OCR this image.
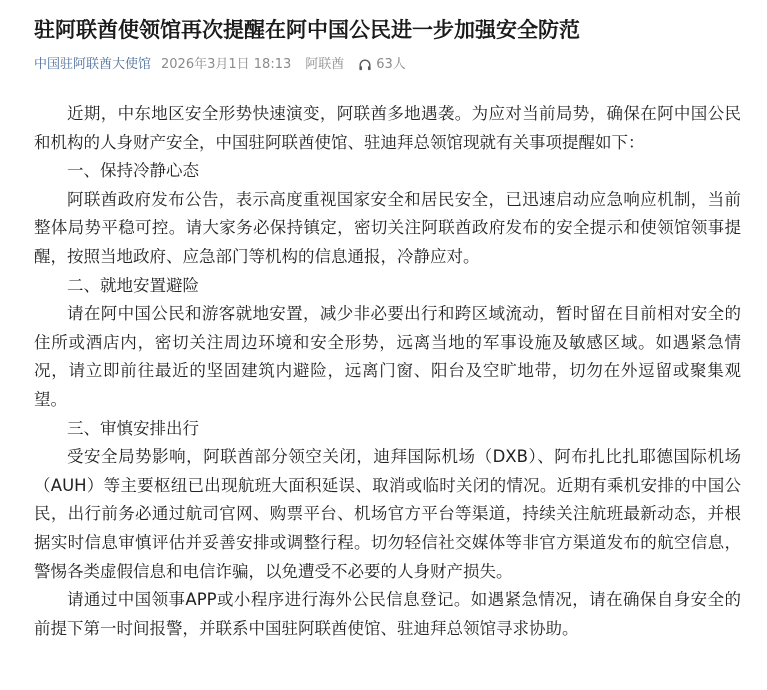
驻阿联酋使领馆再次提醒在阿中国公民进一步加强安全防范
中国驻阿联酋大使馆 2026年3月1日 18:13 阿联酋 63人

近期，中东地区安全形势快速演变，阿联酋多地遇袭。为应对当前局势，确保在阿中国公民和机构的人身财产安全，中国驻阿联酋使馆、驻迪拜总领馆现就有关事项提醒如下：

一、保持冷静心态

阿联酋政府发布公告，表示高度重视国家安全和居民安全，已迅速启动应急响应机制，当前整体局势平稳可控。请大家务必保持镇定，密切关注阿联酋政府发布的安全提示和使领馆领事提醒，按照当地政府、应急部门等机构的信息通报，冷静应对。

二、就地安置避险

请在阿中国公民和游客就地安置，减少非必要出行和跨区域流动，暂时留在目前相对安全的住所或酒店内，密切关注周边环境和安全形势，远离当地的军事设施及敏感区域。如遇紧急情况，请立即前往最近的坚固建筑内避险，远离门窗、阳台及空旷地带，切勿在外逗留或聚集观望。

三、审慎安排出行

受安全局势影响，阿联酋部分领空关闭，迪拜国际机场（DXB）、阿布扎比扎耶德国际机场（AUH）等主要枢纽已出现航班大面积延误、取消或临时关闭的情况。近期有乘机安排的中国公民，出行前务必通过航司官网、购票平台、机场官方平台等渠道，持续关注航班最新动态，并根据实时信息审慎评估并妥善安排或调整行程。切勿轻信社交媒体等非官方渠道发布的航空信息，警惕各类虚假信息和电信诈骗，以免遭受不必要的人身财产损失。

请通过中国领事APP或小程序进行海外公民信息登记。如遇紧急情况，请在确保自身安全的前提下第一时间报警，并联系中国驻阿联酋使馆、驻迪拜总领馆寻求协助。
